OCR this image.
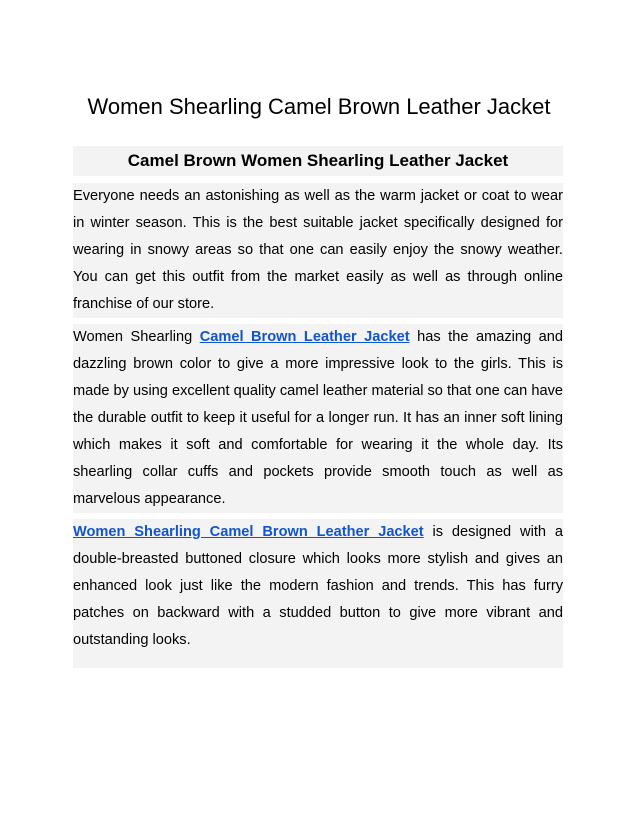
Women Shearling Camel Brown Leather Jacket
Camel Brown Women Shearling Leather Jacket

Everyone needs an astonishing as well as the warm jacket or coat to wear in winter season. This is the best suitable jacket specifically designed for wearing in snowy areas so that one can easily enjoy the snowy weather. You can get this outfit from the market easily as well as through online franchise of our store.

Women Shearling Camel Brown Leather Jacket has the amazing and dazzling brown color to give a more impressive look to the girls. This is made by using excellent quality camel leather material so that one can have the durable outfit to keep it useful for a longer run. It has an inner soft lining which makes it soft and comfortable for wearing it the whole day. Its shearling collar cuffs and pockets provide smooth touch as well as marvelous appearance.

Women Shearling Camel Brown Leather Jacket is designed with a double-breasted buttoned closure which looks more stylish and gives an enhanced look just like the modern fashion and trends. This has furry patches on backward with a studded button to give more vibrant and outstanding looks.
